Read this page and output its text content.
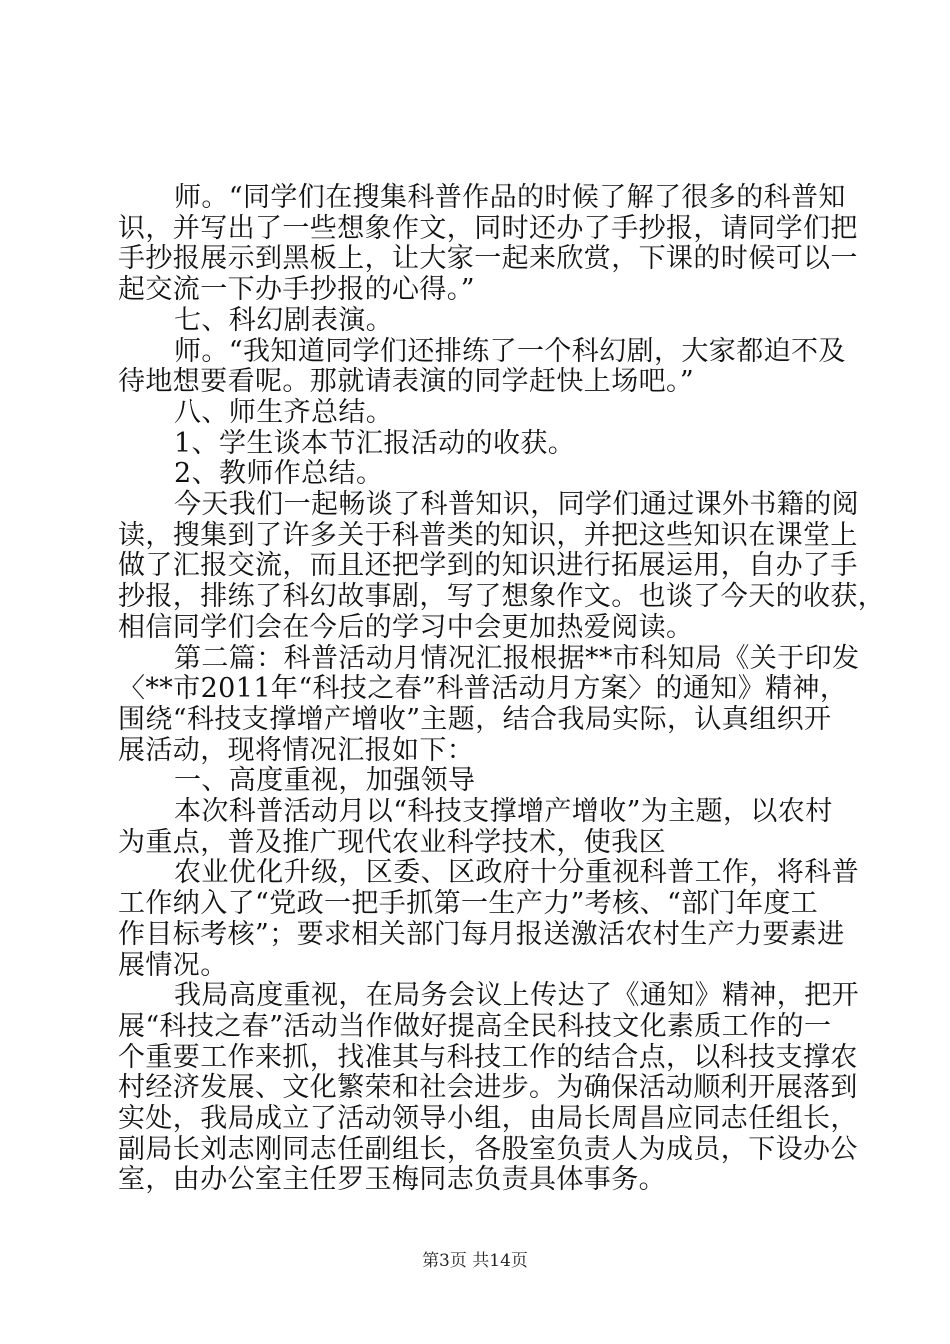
师。“同学们在搜集科普作品的时候了解了很多的科普知
识，并写出了一些想象作文，同时还办了手抄报，请同学们把
手抄报展示到黑板上，让大家一起来欣赏，下课的时候可以一
起交流一下办手抄报的心得。”
七、科幻剧表演。
师。“我知道同学们还排练了一个科幻剧，大家都迫不及
待地想要看呢。那就请表演的同学赶快上场吧。”
八、师生齐总结。
1、学生谈本节汇报活动的收获。
2、教师作总结。
今天我们一起畅谈了科普知识，同学们通过课外书籍的阅
读，搜集到了许多关于科普类的知识，并把这些知识在课堂上
做了汇报交流，而且还把学到的知识进行拓展运用，自办了手
抄报，排练了科幻故事剧，写了想象作文。也谈了今天的收获，
相信同学们会在今后的学习中会更加热爱阅读。
第二篇：科普活动月情况汇报根据**市科知局《关于印发
〈**市2011年“科技之春”科普活动月方案〉的通知》精神，
围绕“科技支撑增产增收”主题，结合我局实际，认真组织开
展活动，现将情况汇报如下：
一、高度重视，加强领导
本次科普活动月以“科技支撑增产增收”为主题，以农村
为重点，普及推广现代农业科学技术，使我区
农业优化升级，区委、区政府十分重视科普工作，将科普
工作纳入了“党政一把手抓第一生产力”考核、“部门年度工
作目标考核”；要求相关部门每月报送激活农村生产力要素进
展情况。
我局高度重视，在局务会议上传达了《通知》精神，把开
展“科技之春”活动当作做好提高全民科技文化素质工作的一
个重要工作来抓，找准其与科技工作的结合点，以科技支撑农
村经济发展、文化繁荣和社会进步。为确保活动顺利开展落到
实处，我局成立了活动领导小组，由局长周昌应同志任组长，
副局长刘志刚同志任副组长，各股室负责人为成员，下设办公
室，由办公室主任罗玉梅同志负责具体事务。
第3页 共14页
